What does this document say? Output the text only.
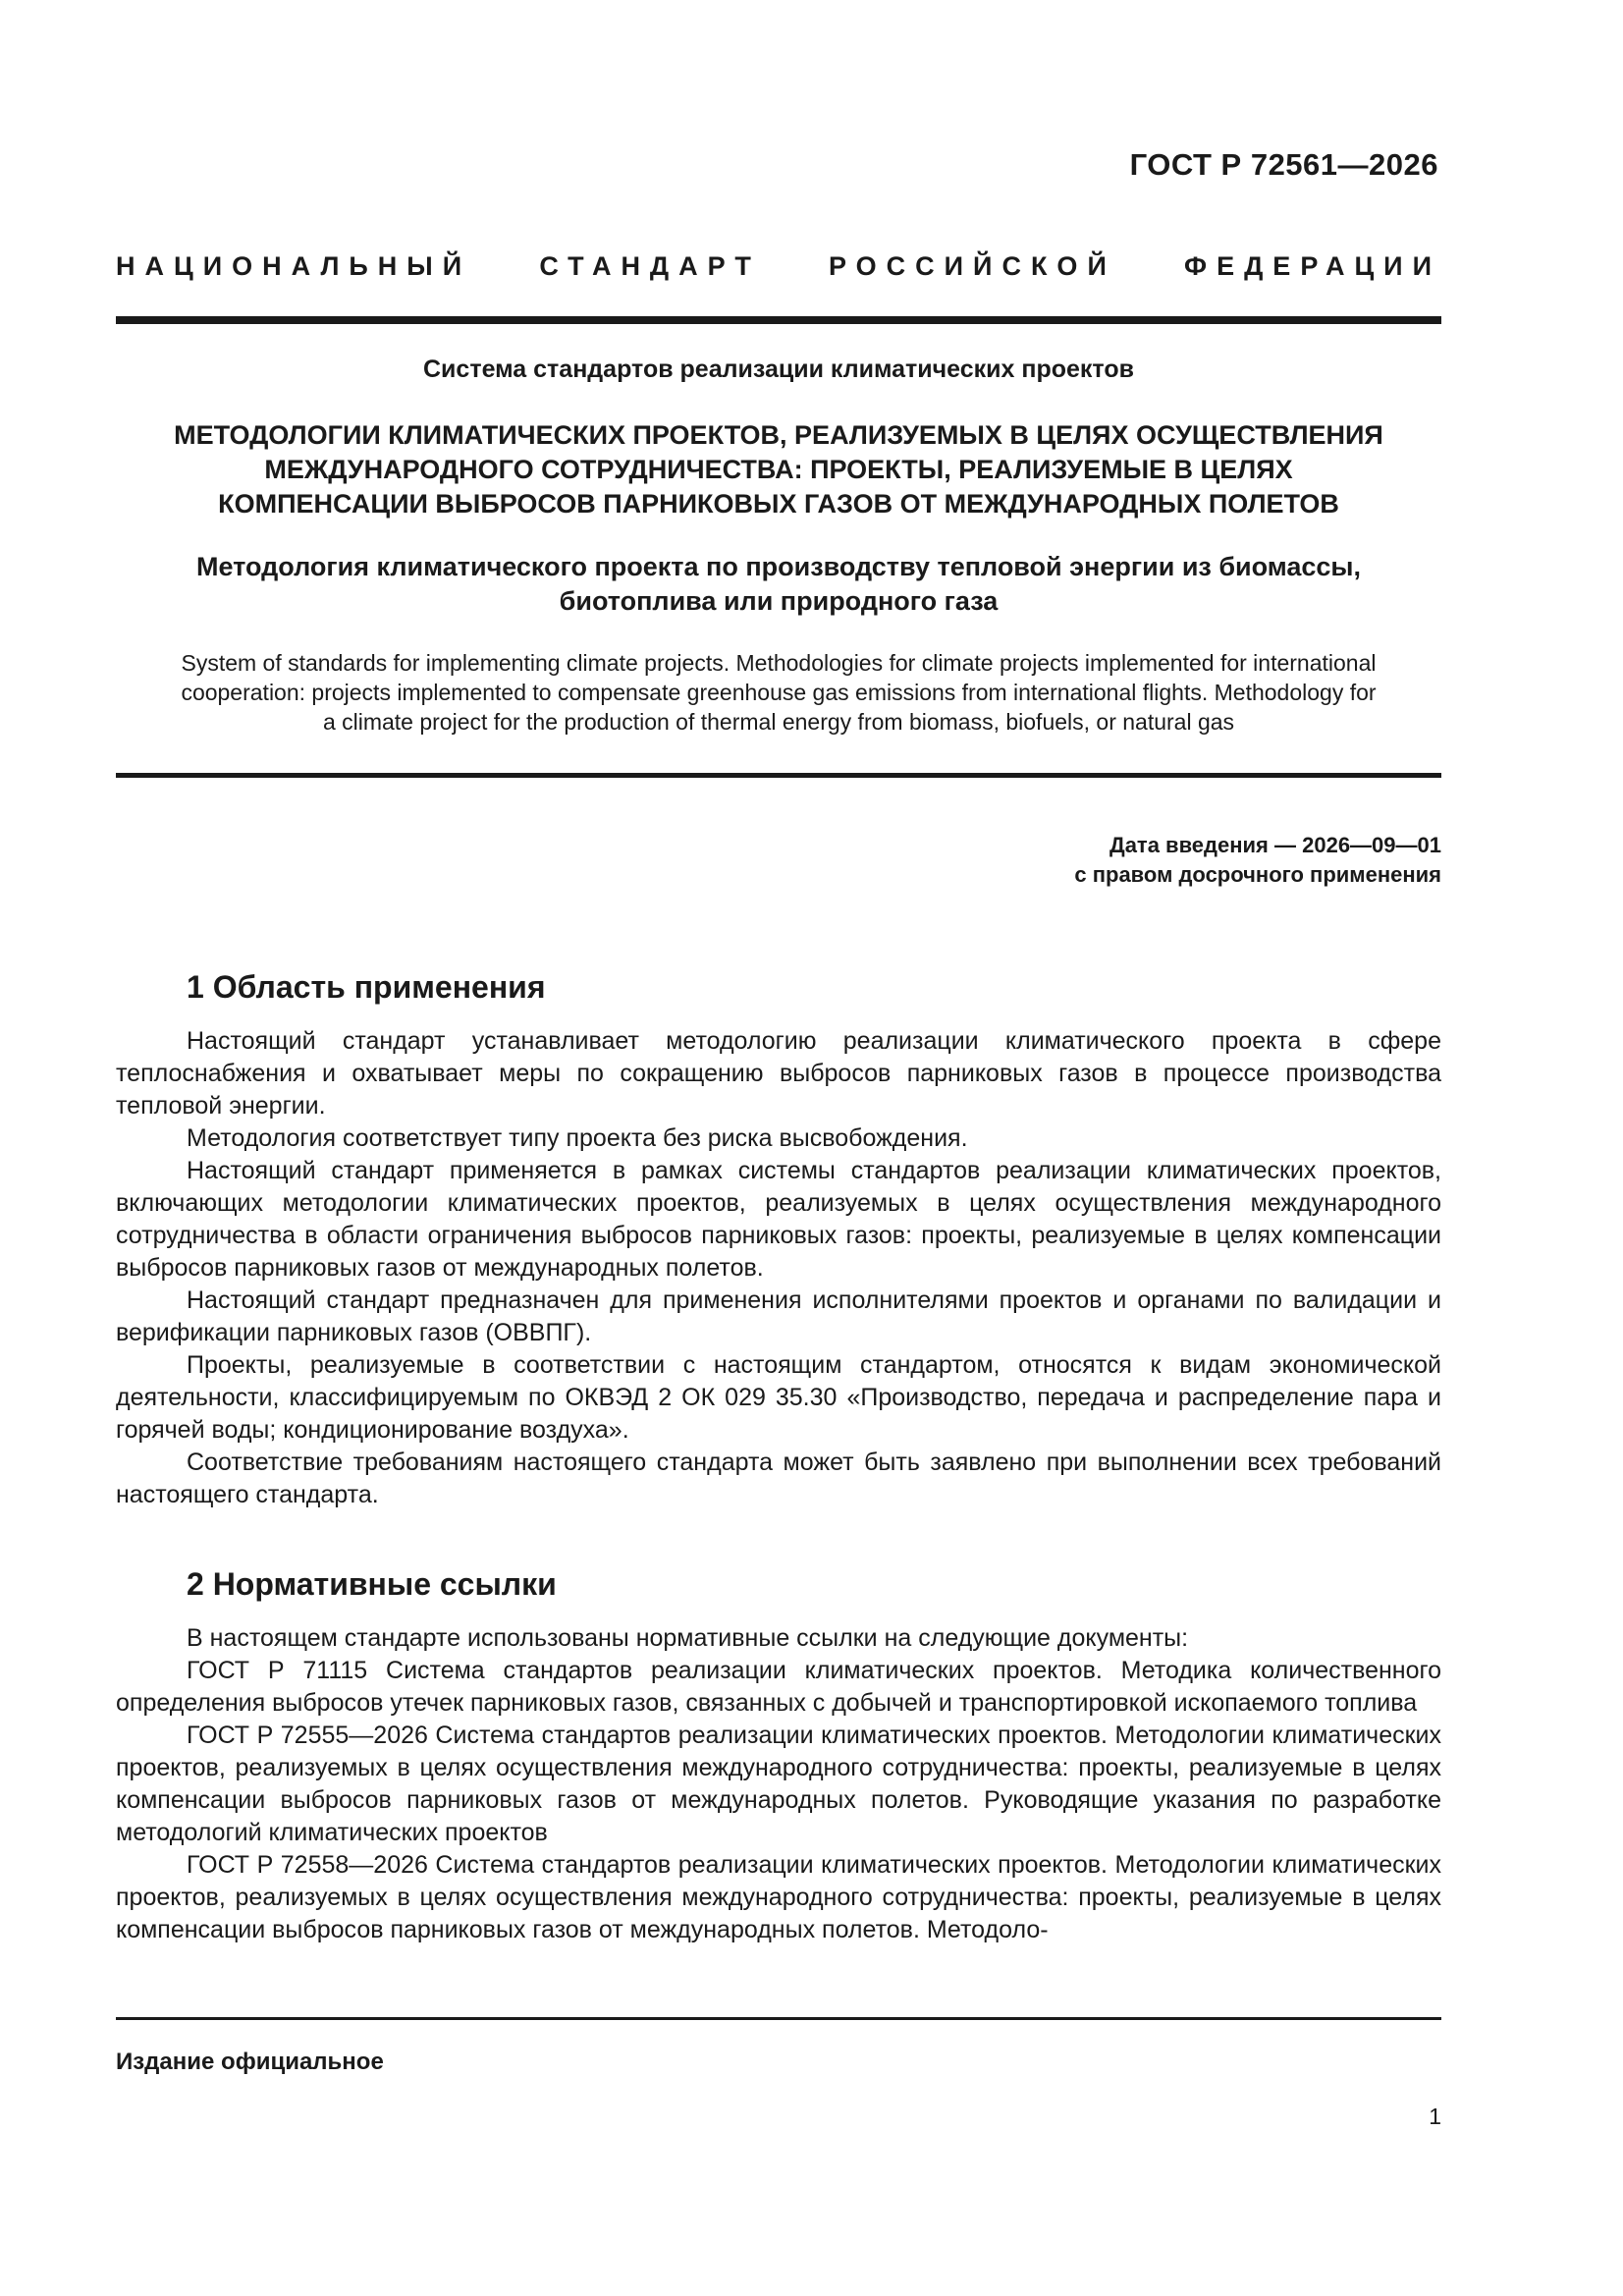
ГОСТ Р 72561—2026
НАЦИОНАЛЬНЫЙ СТАНДАРТ РОССИЙСКОЙ ФЕДЕРАЦИИ
Система стандартов реализации климатических проектов
МЕТОДОЛОГИИ КЛИМАТИЧЕСКИХ ПРОЕКТОВ, РЕАЛИЗУЕМЫХ В ЦЕЛЯХ ОСУЩЕСТВЛЕНИЯ
МЕЖДУНАРОДНОГО СОТРУДНИЧЕСТВА: ПРОЕКТЫ, РЕАЛИЗУЕМЫЕ В ЦЕЛЯХ
КОМПЕНСАЦИИ ВЫБРОСОВ ПАРНИКОВЫХ ГАЗОВ ОТ МЕЖДУНАРОДНЫХ ПОЛЕТОВ
Методология климатического проекта по производству тепловой энергии из биомассы,
биотоплива или природного газа
System of standards for implementing climate projects. Methodologies for climate projects implemented for international
cooperation: projects implemented to compensate greenhouse gas emissions from international flights. Methodology for
a climate project for the production of thermal energy from biomass, biofuels, or natural gas
Дата введения — 2026—09—01
с правом досрочного применения
1 Область применения

Настоящий стандарт устанавливает методологию реализации климатического проекта в сфере теплоснабжения и охватывает меры по сокращению выбросов парниковых газов в процессе производства тепловой энергии.

Методология соответствует типу проекта без риска высвобождения.

Настоящий стандарт применяется в рамках системы стандартов реализации климатических проектов, включающих методологии климатических проектов, реализуемых в целях осуществления международного сотрудничества в области ограничения выбросов парниковых газов: проекты, реализуемые в целях компенсации выбросов парниковых газов от международных полетов.

Настоящий стандарт предназначен для применения исполнителями проектов и органами по валидации и верификации парниковых газов (ОВВПГ).

Проекты, реализуемые в соответствии с настоящим стандартом, относятся к видам экономической деятельности, классифицируемым по ОКВЭД 2 ОК 029 35.30 «Производство, передача и распределение пара и горячей воды; кондиционирование воздуха».

Соответствие требованиям настоящего стандарта может быть заявлено при выполнении всех требований настоящего стандарта.

2 Нормативные ссылки

В настоящем стандарте использованы нормативные ссылки на следующие документы:

ГОСТ Р 71115 Система стандартов реализации климатических проектов. Методика количественного определения выбросов утечек парниковых газов, связанных с добычей и транспортировкой ископаемого топлива

ГОСТ Р 72555—2026 Система стандартов реализации климатических проектов. Методологии климатических проектов, реализуемых в целях осуществления международного сотрудничества: проекты, реализуемые в целях компенсации выбросов парниковых газов от международных полетов. Руководящие указания по разработке методологий климатических проектов

ГОСТ Р 72558—2026 Система стандартов реализации климатических проектов. Методологии климатических проектов, реализуемых в целях осуществления международного сотрудничества: проекты, реализуемые в целях компенсации выбросов парниковых газов от международных полетов. Методоло-

Издание официальное
1
